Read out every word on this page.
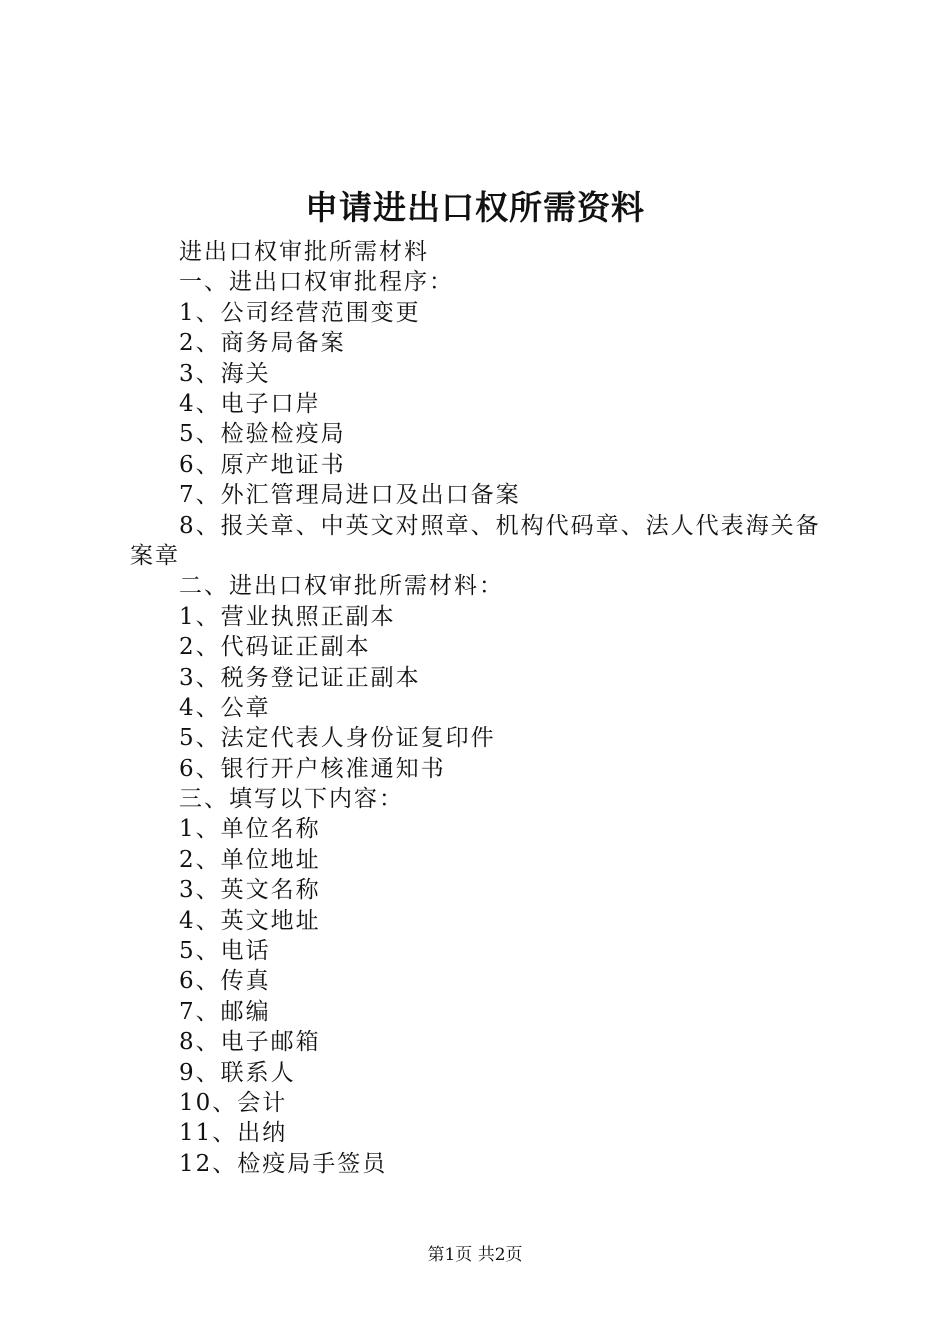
申请进出口权所需资料
进出口权审批所需材料
一、进出口权审批程序：
1、公司经营范围变更
2、商务局备案
3、海关
4、电子口岸
5、检验检疫局
6、原产地证书
7、外汇管理局进口及出口备案
8、报关章、中英文对照章、机构代码章、法人代表海关备案章
二、进出口权审批所需材料：
1、营业执照正副本
2、代码证正副本
3、税务登记证正副本
4、公章
5、法定代表人身份证复印件
6、银行开户核准通知书
三、填写以下内容：
1、单位名称
2、单位地址
3、英文名称
4、英文地址
5、电话
6、传真
7、邮编
8、电子邮箱
9、联系人
10、会计
11、出纳
12、检疫局手签员
第1页 共2页
